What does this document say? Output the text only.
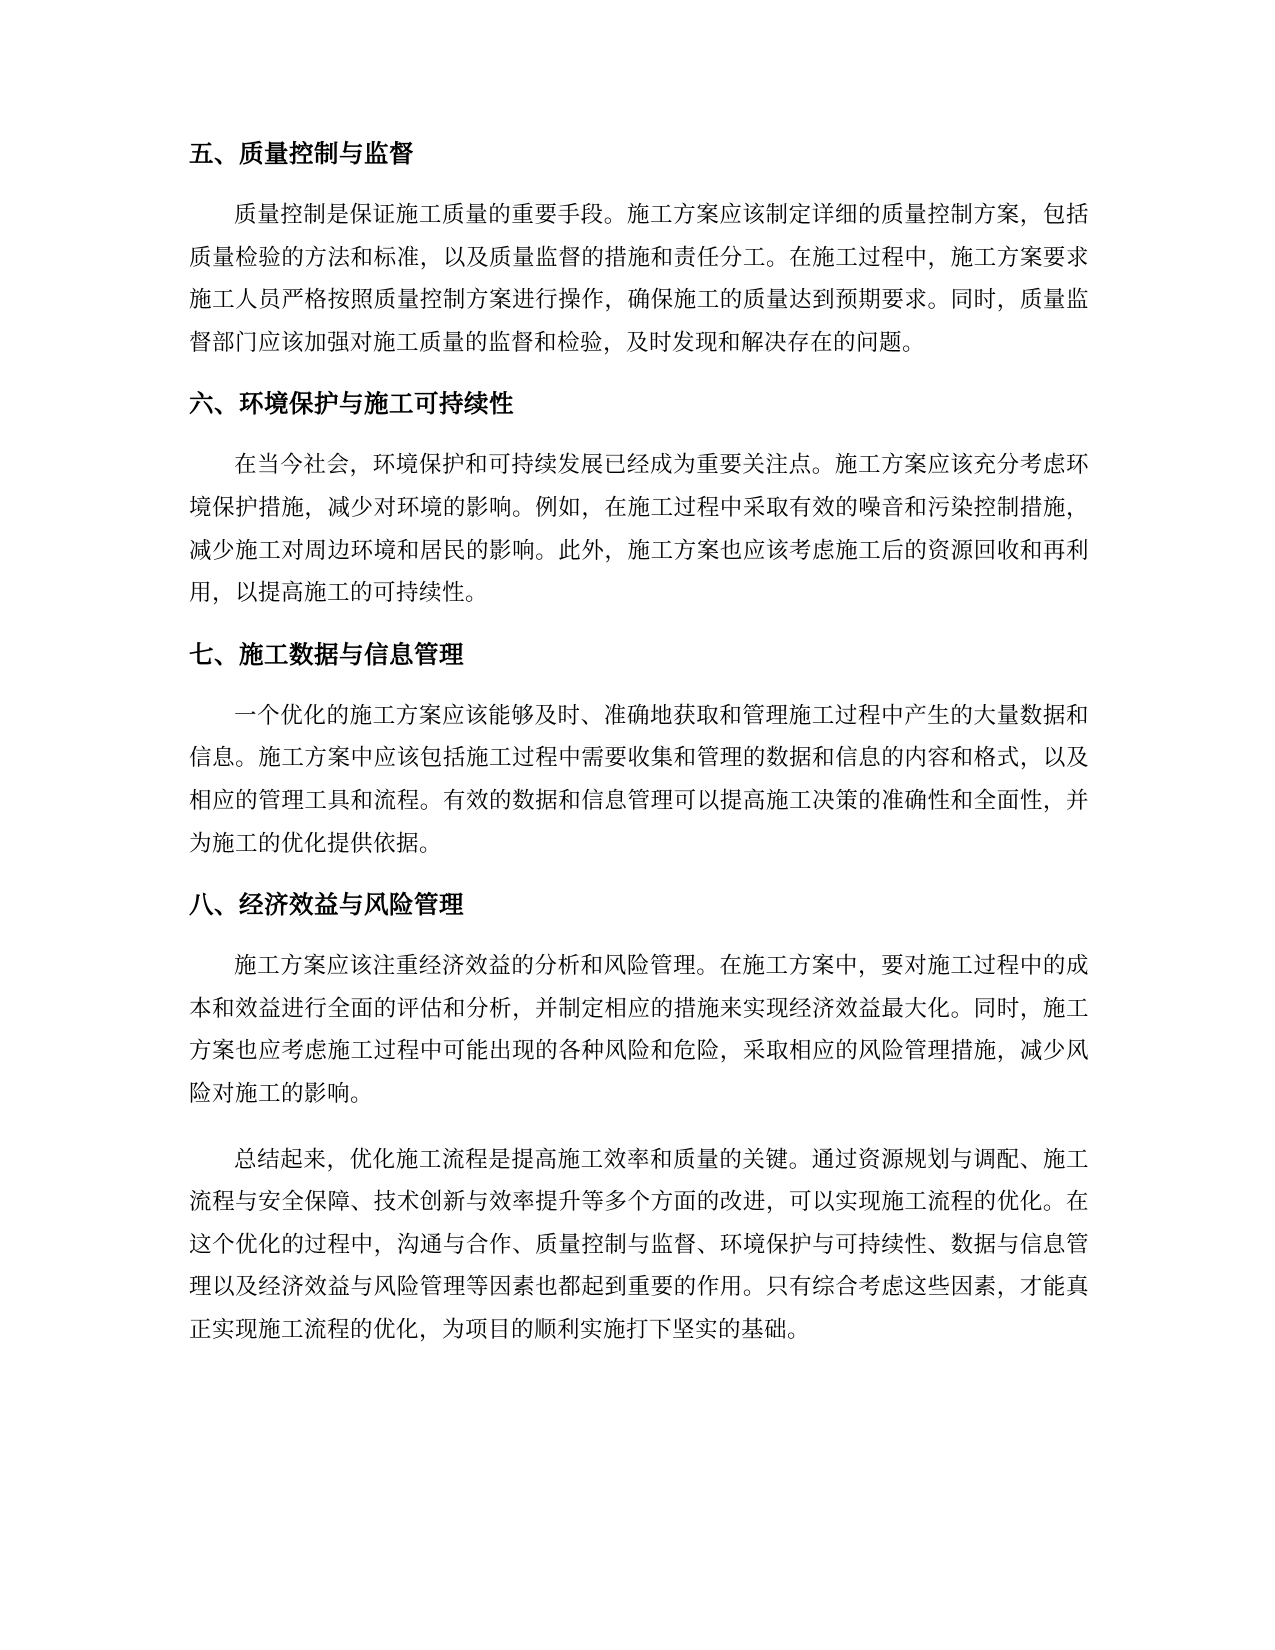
五、质量控制与监督

质量控制是保证施工质量的重要手段。施工方案应该制定详细的质量控制方案，包括质量检验的方法和标准，以及质量监督的措施和责任分工。在施工过程中，施工方案要求施工人员严格按照质量控制方案进行操作，确保施工的质量达到预期要求。同时，质量监督部门应该加强对施工质量的监督和检验，及时发现和解决存在的问题。

六、环境保护与施工可持续性

在当今社会，环境保护和可持续发展已经成为重要关注点。施工方案应该充分考虑环境保护措施，减少对环境的影响。例如，在施工过程中采取有效的噪音和污染控制措施，减少施工对周边环境和居民的影响。此外，施工方案也应该考虑施工后的资源回收和再利用，以提高施工的可持续性。

七、施工数据与信息管理

一个优化的施工方案应该能够及时、准确地获取和管理施工过程中产生的大量数据和信息。施工方案中应该包括施工过程中需要收集和管理的数据和信息的内容和格式，以及相应的管理工具和流程。有效的数据和信息管理可以提高施工决策的准确性和全面性，并为施工的优化提供依据。

八、经济效益与风险管理

施工方案应该注重经济效益的分析和风险管理。在施工方案中，要对施工过程中的成本和效益进行全面的评估和分析，并制定相应的措施来实现经济效益最大化。同时，施工方案也应考虑施工过程中可能出现的各种风险和危险，采取相应的风险管理措施，减少风险对施工的影响。

总结起来，优化施工流程是提高施工效率和质量的关键。通过资源规划与调配、施工流程与安全保障、技术创新与效率提升等多个方面的改进，可以实现施工流程的优化。在这个优化的过程中，沟通与合作、质量控制与监督、环境保护与可持续性、数据与信息管理以及经济效益与风险管理等因素也都起到重要的作用。只有综合考虑这些因素，才能真正实现施工流程的优化，为项目的顺利实施打下坚实的基础。
